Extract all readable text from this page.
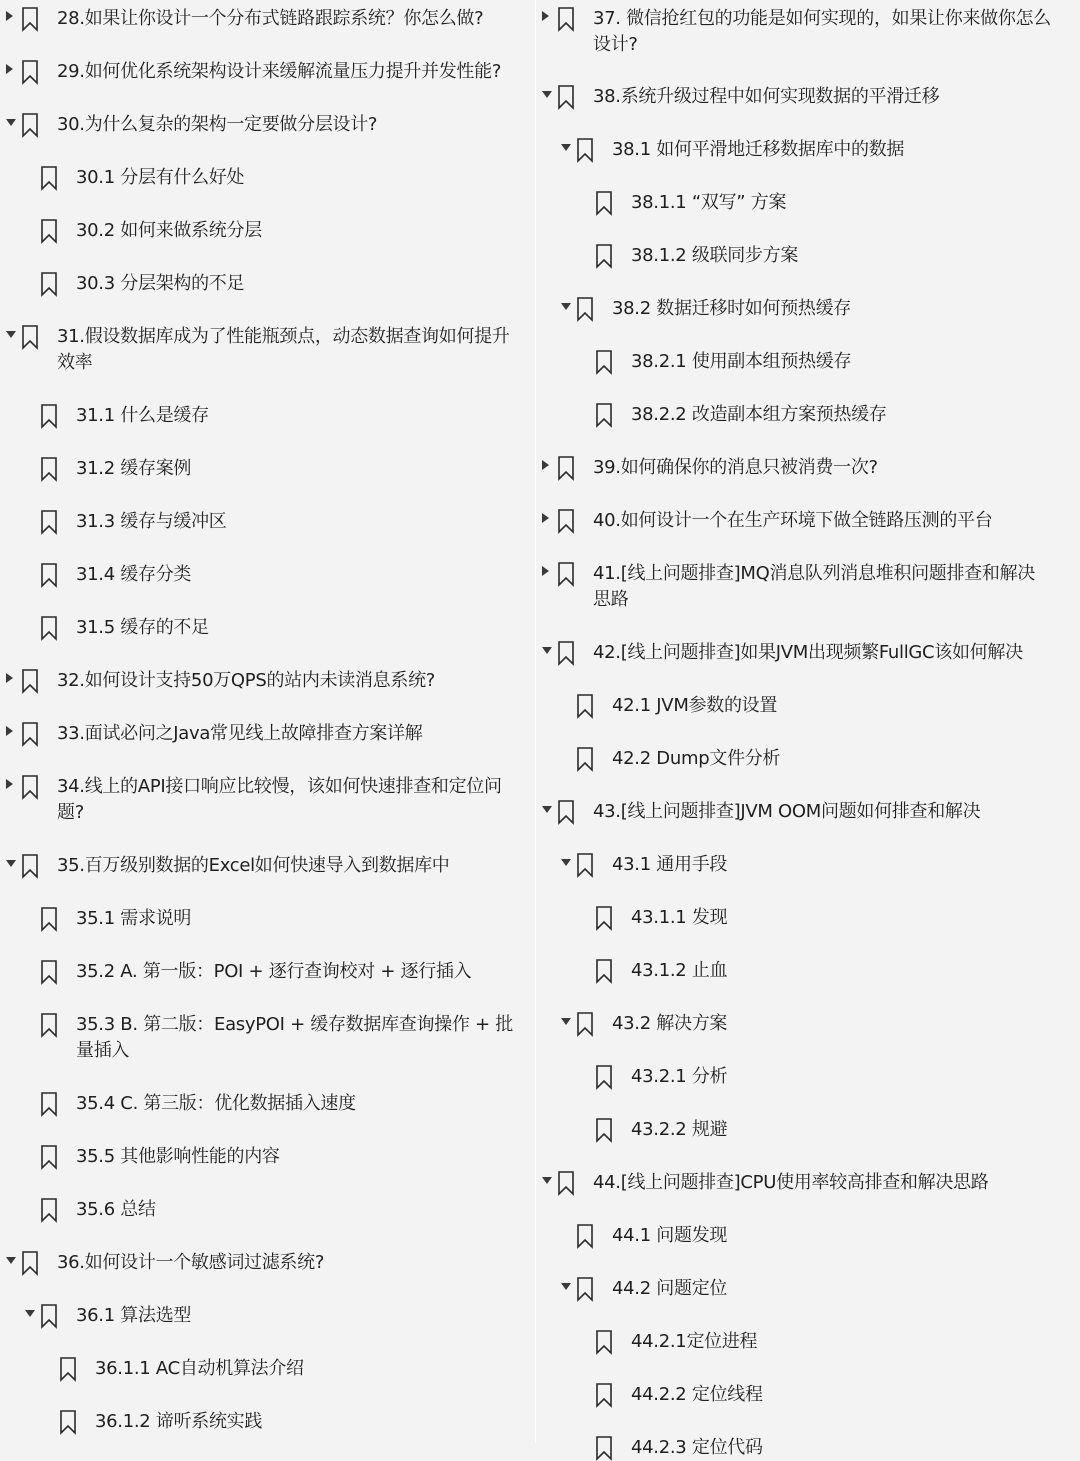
28.如果让你设计一个分布式链路跟踪系统？你怎么做?
29.如何优化系统架构设计来缓解流量压力提升并发性能?
30.为什么复杂的架构一定要做分层设计?
30.1 分层有什么好处
30.2 如何来做系统分层
30.3 分层架构的不足
31.假设数据库成为了性能瓶颈点，动态数据查询如何提升
效率
31.1 什么是缓存
31.2 缓存案例
31.3 缓存与缓冲区
31.4 缓存分类
31.5 缓存的不足
32.如何设计支持50万QPS的站内未读消息系统?
33.面试必问之Java常见线上故障排查方案详解
34.线上的API接口响应比较慢，该如何快速排查和定位问
题?
35.百万级别数据的Excel如何快速导入到数据库中
35.1 需求说明
35.2 A. 第一版：POI + 逐行查询校对 + 逐行插入
35.3 B. 第二版：EasyPOI + 缓存数据库查询操作 + 批
量插入
35.4 C. 第三版：优化数据插入速度
35.5 其他影响性能的内容
35.6 总结
36.如何设计一个敏感词过滤系统?
36.1 算法选型
36.1.1 AC自动机算法介绍
36.1.2 谛听系统实践
37. 微信抢红包的功能是如何实现的，如果让你来做你怎么
设计?
38.系统升级过程中如何实现数据的平滑迁移
38.1 如何平滑地迁移数据库中的数据
38.1.1 “双写” 方案
38.1.2 级联同步方案
38.2 数据迁移时如何预热缓存
38.2.1 使用副本组预热缓存
38.2.2 改造副本组方案预热缓存
39.如何确保你的消息只被消费一次?
40.如何设计一个在生产环境下做全链路压测的平台
41.[线上问题排查]MQ消息队列消息堆积问题排查和解决
思路
42.[线上问题排查]如果JVM出现频繁FullGC该如何解决
42.1 JVM参数的设置
42.2 Dump文件分析
43.[线上问题排查]JVM OOM问题如何排查和解决
43.1 通用手段
43.1.1 发现
43.1.2 止血
43.2 解决方案
43.2.1 分析
43.2.2 规避
44.[线上问题排查]CPU使用率较高排查和解决思路
44.1 问题发现
44.2 问题定位
44.2.1定位进程
44.2.2 定位线程
44.2.3 定位代码
